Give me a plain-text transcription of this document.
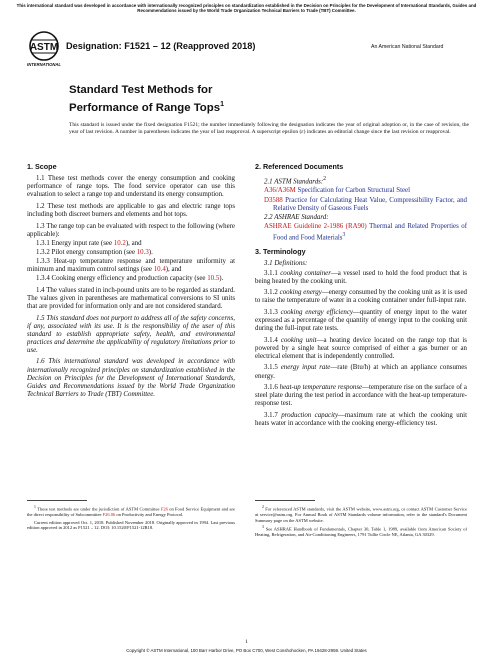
This international standard was developed in accordance with internationally recognized principles on standardization established in the Decision on Principles for the Development of International Standards, Guides and Recommendations issued by the World Trade Organization Technical Barriers to Trade (TBT) Committee.
ASTM
INTERNATIONAL
Designation: F1521 – 12 (Reapproved 2018)	An American National Standard
Standard Test Methods for
Performance of Range Tops$^1$
This standard is issued under the fixed designation F1521; the number immediately following the designation indicates the year of original adoption or, in the case of revision, the year of last revision. A number in parentheses indicates the year of last reapproval. A superscript epsilon (ε) indicates an editorial change since the last revision or reapproval.

1. Scope

1.1 These test methods cover the energy consumption and cooking performance of range tops. The food service operator can use this evaluation to select a range top and understand its energy consumption.

1.2 These test methods are applicable to gas and electric range tops including both discreet burners and elements and hot tops.

1.3 The range top can be evaluated with respect to the following (where applicable):

1.3.1 Energy input rate (see 10.2), and

1.3.2 Pilot energy consumption (see 10.3).

1.3.3 Heat-up temperature response and temperature uniformity at minimum and maximum control settings (see 10.4), and

1.3.4 Cooking energy efficiency and production capacity (see 10.5).

1.4 The values stated in inch-pound units are to be regarded as standard. The values given in parentheses are mathematical conversions to SI units that are provided for information only and are not considered standard.

1.5 This standard does not purport to address all of the safety concerns, if any, associated with its use. It is the responsibility of the user of this standard to establish appropriate safety, health, and environmental practices and determine the applicability of regulatory limitations prior to use.

1.6 This international standard was developed in accordance with internationally recognized principles on standardization established in the Decision on Principles for the Development of International Standards, Guides and Recommendations issued by the World Trade Organization Technical Barriers to Trade (TBT) Committee.

$^1$ These test methods are under the jurisdiction of ASTM Committee F26 on Food Service Equipment and are the direct responsibility of Subcommittee F26.06 on Productivity and Energy Protocol.

Current edition approved Oct. 1, 2018. Published November 2018. Originally approved in 1994. Last previous edition approved in 2012 as F1521 – 12. DOI: 10.1520/F1521-12R18.

2. Referenced Documents

2.1 ASTM Standards:$^2$

A36/A36M Specification for Carbon Structural Steel

D3588 Practice for Calculating Heat Value, Compressibility Factor, and Relative Density of Gaseous Fuels

2.2 ASHRAE Standard:

ASHRAE Guideline 2-1986 (RA90) Thermal and Related Properties of Food and Food Materials$^3$

3. Terminology

3.1 Definitions:

3.1.1 cooking container—a vessel used to hold the food product that is being heated by the cooking unit.

3.1.2 cooking energy—energy consumed by the cooking unit as it is used to raise the temperature of water in a cooking container under full-input rate.

3.1.3 cooking energy efficiency—quantity of energy input to the water expressed as a percentage of the quantity of energy input to the cooking unit during the full-input rate tests.

3.1.4 cooking unit—a heating device located on the range top that is powered by a single heat source comprised of either a gas burner or an electrical element that is independently controlled.

3.1.5 energy input rate—rate (Btu/h) at which an appliance consumes energy.

3.1.6 heat-up temperature response—temperature rise on the surface of a steel plate during the test period in accordance with the heat-up temperature-response test.

3.1.7 production capacity—maximum rate at which the cooking unit heats water in accordance with the cooking energy-efficiency test.

$^2$ For referenced ASTM standards, visit the ASTM website, www.astm.org, or contact ASTM Customer Service at service@astm.org. For Annual Book of ASTM Standards volume information, refer to the standard's Document Summary page on the ASTM website.

$^3$ See ASHRAE Handbook of Fundamentals, Chapter 30, Table 1, 1989, available from American Society of Heating, Refrigeration, and Air-Conditioning Engineers, 1791 Tullie Circle NE, Atlanta, GA 30329.

1
Copyright © ASTM International, 100 Barr Harbor Drive, PO Box C700, West Conshohocken, PA 19428-2959. United States
